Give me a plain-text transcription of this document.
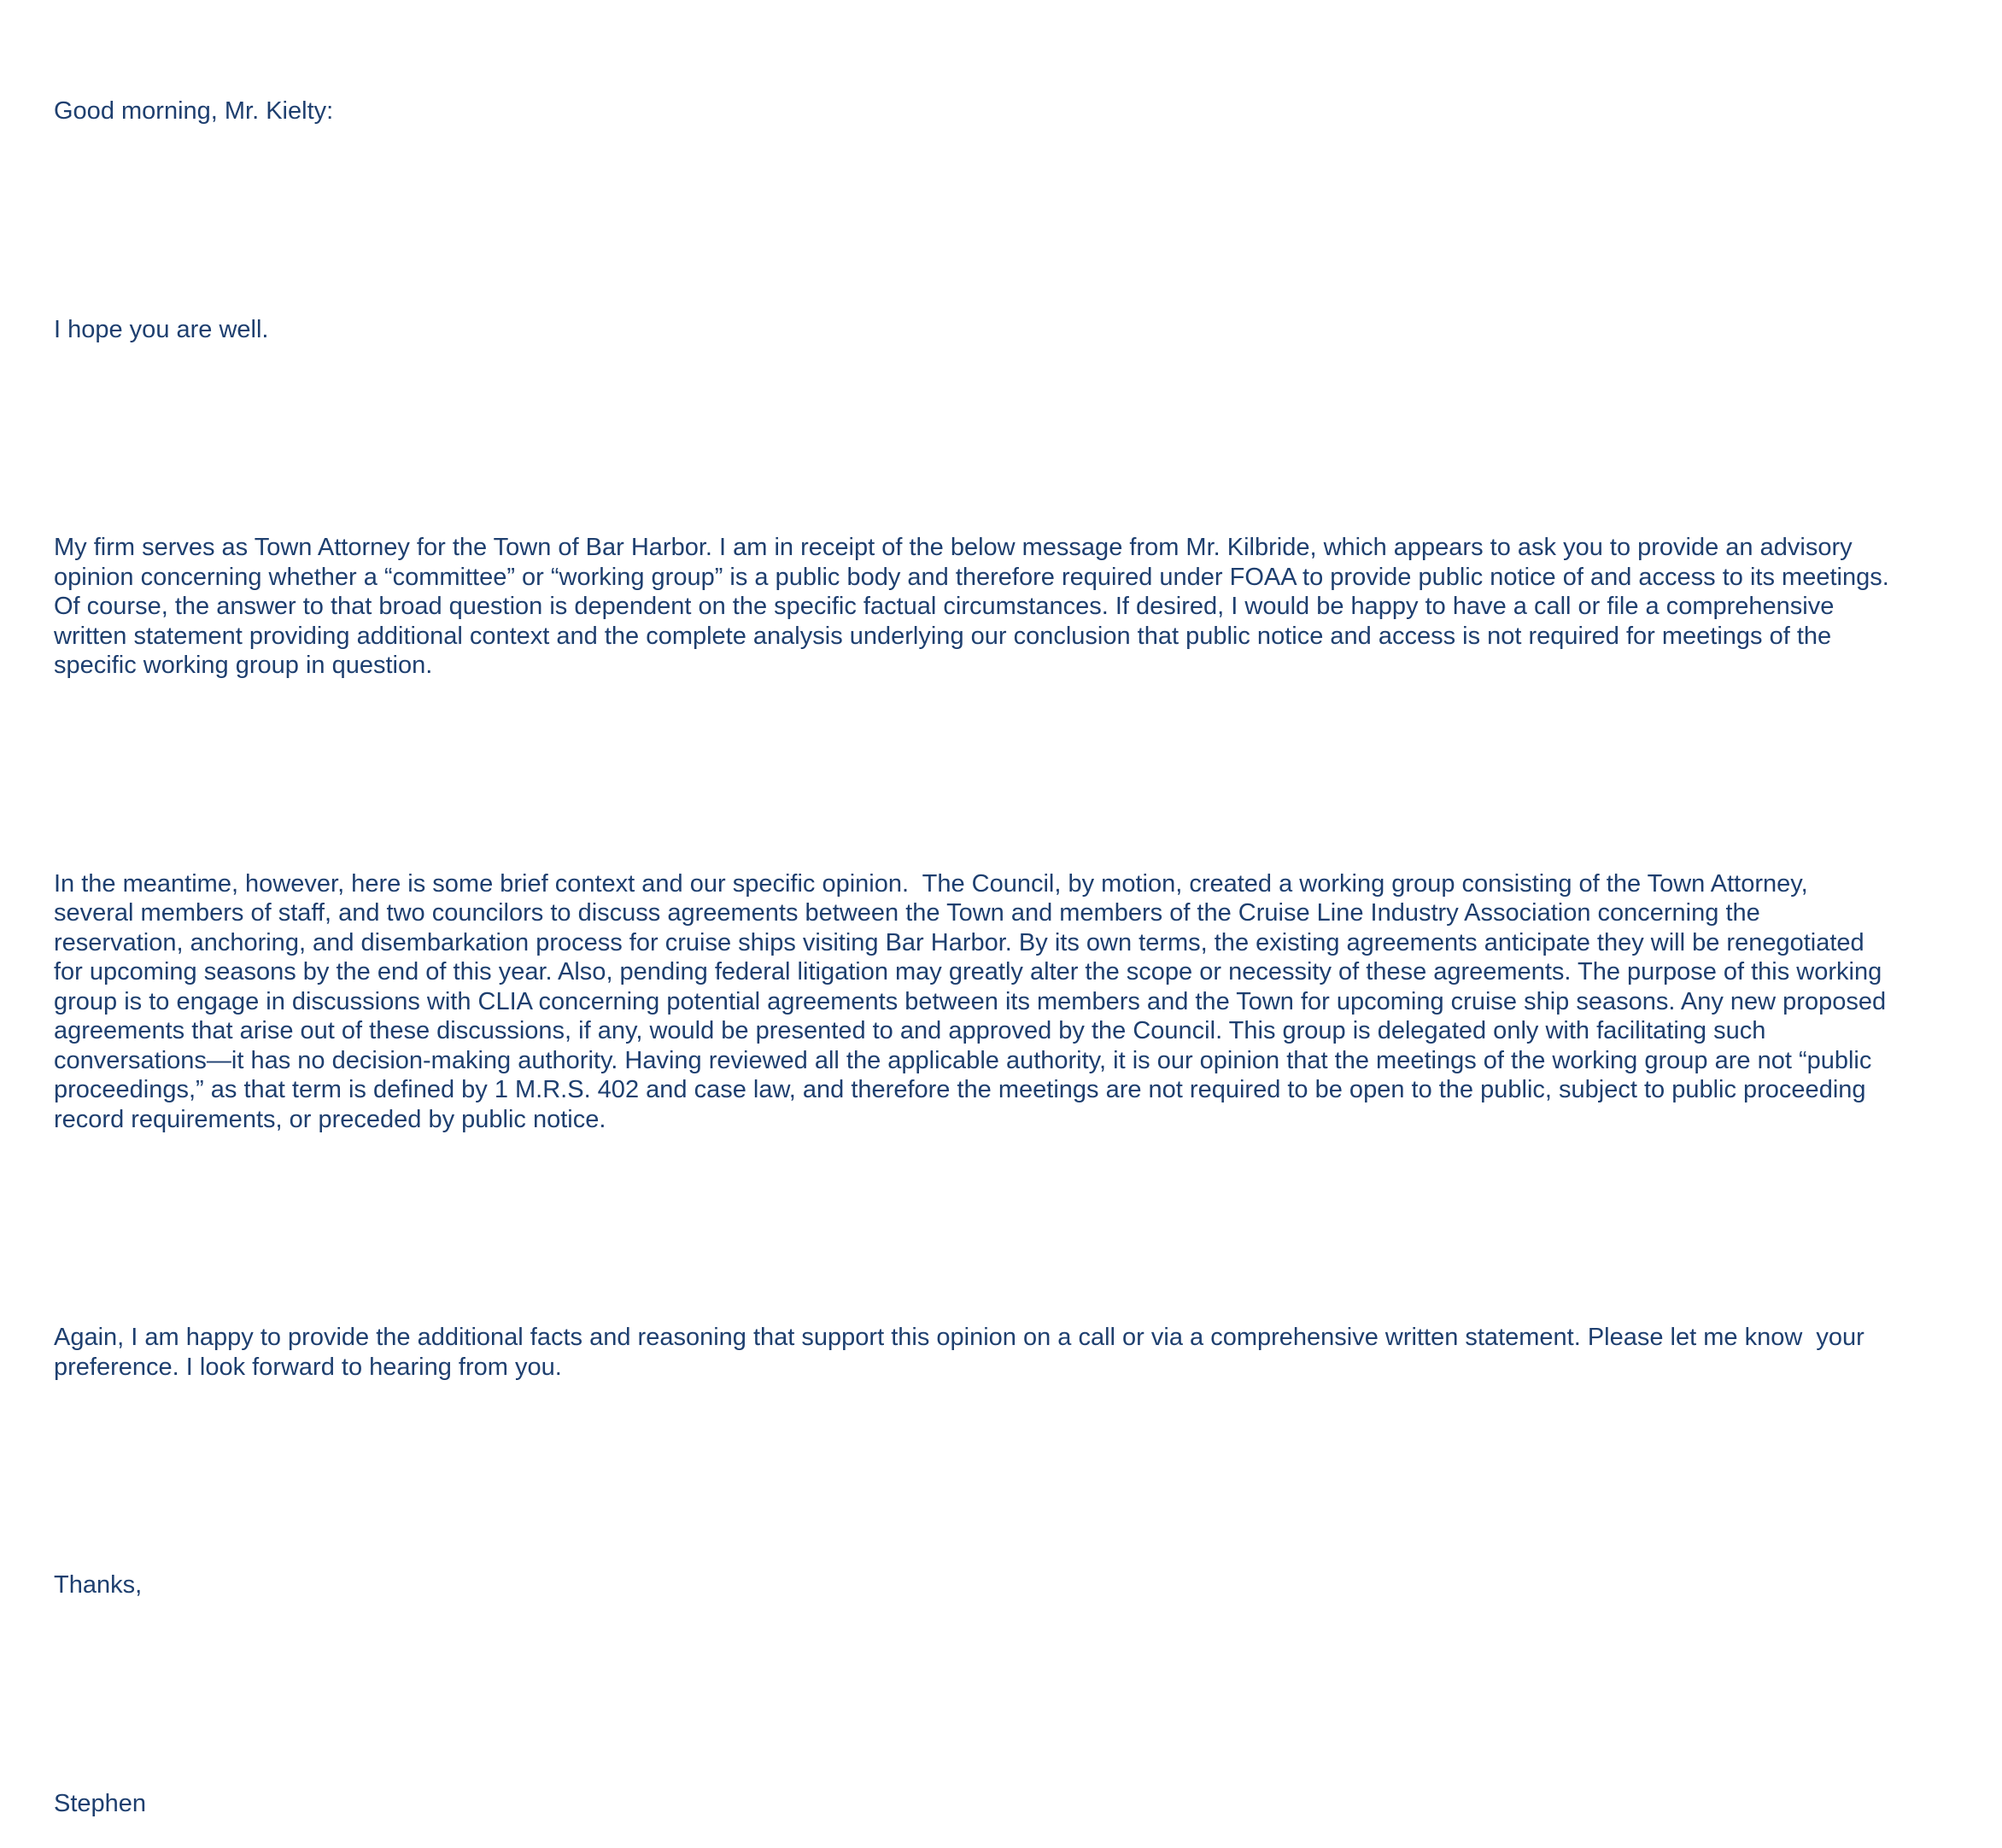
Good morning, Mr. Kielty:

I hope you are well.

My firm serves as Town Attorney for the Town of Bar Harbor. I am in receipt of the below message from Mr. Kilbride, which appears to ask you to provide an advisory
opinion concerning whether a “committee” or “working group” is a public body and therefore required under FOAA to provide public notice of and access to its meetings.
Of course, the answer to that broad question is dependent on the specific factual circumstances. If desired, I would be happy to have a call or file a comprehensive
written statement providing additional context and the complete analysis underlying our conclusion that public notice and access is not required for meetings of the
specific working group in question.

In the meantime, however, here is some brief context and our specific opinion.  The Council, by motion, created a working group consisting of the Town Attorney,
several members of staff, and two councilors to discuss agreements between the Town and members of the Cruise Line Industry Association concerning the
reservation, anchoring, and disembarkation process for cruise ships visiting Bar Harbor. By its own terms, the existing agreements anticipate they will be renegotiated
for upcoming seasons by the end of this year. Also, pending federal litigation may greatly alter the scope or necessity of these agreements. The purpose of this working
group is to engage in discussions with CLIA concerning potential agreements between its members and the Town for upcoming cruise ship seasons. Any new proposed
agreements that arise out of these discussions, if any, would be presented to and approved by the Council. This group is delegated only with facilitating such
conversations—it has no decision-making authority. Having reviewed all the applicable authority, it is our opinion that the meetings of the working group are not “public
proceedings,” as that term is defined by 1 M.R.S. 402 and case law, and therefore the meetings are not required to be open to the public, subject to public proceeding
record requirements, or preceded by public notice.

Again, I am happy to provide the additional facts and reasoning that support this opinion on a call or via a comprehensive written statement. Please let me know  your
preference. I look forward to hearing from you.

Thanks,

Stephen
